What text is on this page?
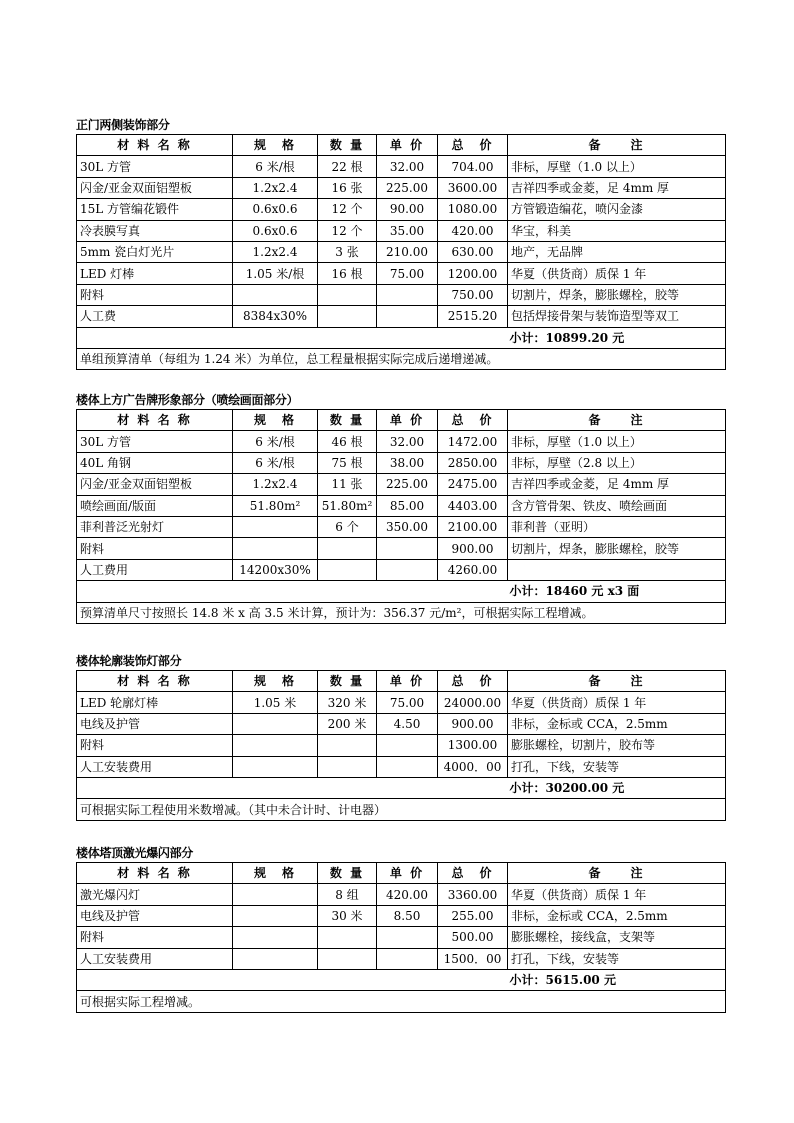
正门两侧装饰部分
材 料 名 称	规　格	数 量	单 价	总　价	备　　注
30L 方管	6 米/根	22 根	32.00	704.00	非标，厚壁（1.0 以上）
闪金/亚金双面铝塑板	1.2x2.4	16 张	225.00	3600.00	吉祥四季或金菱，足 4mm 厚
15L 方管编花锻件	0.6x0.6	12 个	90.00	1080.00	方管锻造编花，喷闪金漆
冷表膜写真	0.6x0.6	12 个	35.00	420.00	华宝，科美
5mm 瓷白灯光片	1.2x2.4	3 张	210.00	630.00	地产，无品牌
LED 灯棒	1.05 米/根	16 根	75.00	1200.00	华夏（供货商）质保 1 年
附料				750.00	切割片，焊条，膨胀螺栓，胶等
人工费	8384x30%			2515.20	包括焊接骨架与装饰造型等双工
					小计：10899.20 元
单组预算清单（每组为 1.24 米）为单位，总工程量根据实际完成后递增递减。					
楼体上方广告牌形象部分（喷绘画面部分）
材 料 名 称	规　格	数 量	单 价	总　价	备　　注
30L 方管	6 米/根	46 根	32.00	1472.00	非标，厚壁（1.0 以上）
40L 角钢	6 米/根	75 根	38.00	2850.00	非标，厚壁（2.8 以上）
闪金/亚金双面铝塑板	1.2x2.4	11 张	225.00	2475.00	吉祥四季或金菱，足 4mm 厚
喷绘画面/版面	51.80m²	51.80m²	85.00	4403.00	含方管骨架、铁皮、喷绘画面
菲利普泛光射灯		6 个	350.00	2100.00	菲利普（亚明）
附料				900.00	切割片，焊条，膨胀螺栓，胶等
人工费用	14200x30%			4260.00	
					小计：18460 元 x3 面
预算清单尺寸按照长 14.8 米 x 高 3.5 米计算，预计为：356.37 元/m²，可根据实际工程增减。					
楼体轮廓装饰灯部分
材 料 名 称	规　格	数 量	单 价	总　价	备　　注
LED 轮廓灯棒	1.05 米	320 米	75.00	24000.00	华夏（供货商）质保 1 年
电线及护管		200 米	4.50	900.00	非标，金标或 CCA，2.5mm
附料				1300.00	膨胀螺栓，切割片，胶布等
人工安装费用				4000．00	打孔，下线，安装等
					小计：30200.00 元
可根据实际工程使用米数增减。（其中未合计时、计电器）					
楼体塔顶激光爆闪部分
材 料 名 称	规　格	数 量	单 价	总　价	备　　注
激光爆闪灯		8 组	420.00	3360.00	华夏（供货商）质保 1 年
电线及护管		30 米	8.50	255.00	非标，金标或 CCA，2.5mm
附料				500.00	膨胀螺栓，接线盒，支架等
人工安装费用				1500．00	打孔，下线，安装等
					小计：5615.00 元
可根据实际工程增减。					
